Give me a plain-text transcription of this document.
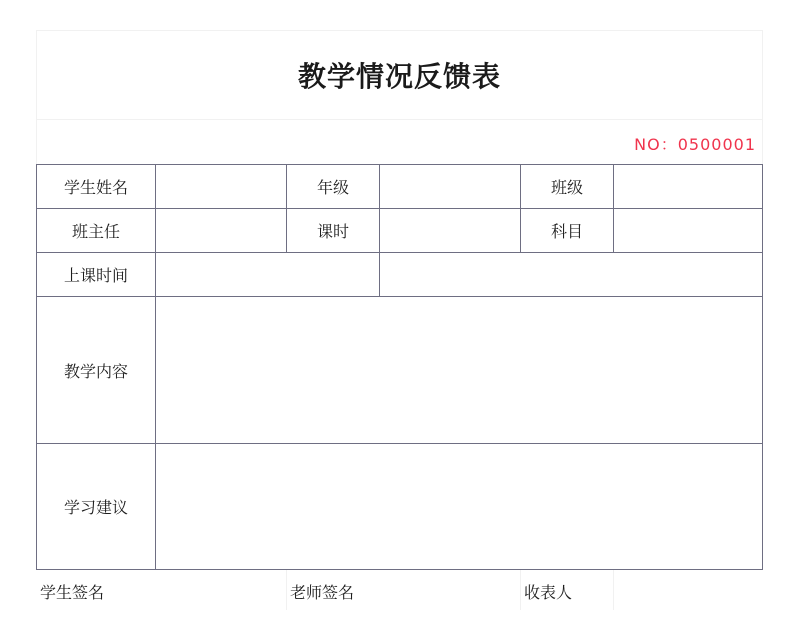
教学情况反馈表
NO：0500001
学生姓名	年级	班级
班主任	课时	科目
上课时间
教学内容
学习建议
学生签名	老师签名	收表人
